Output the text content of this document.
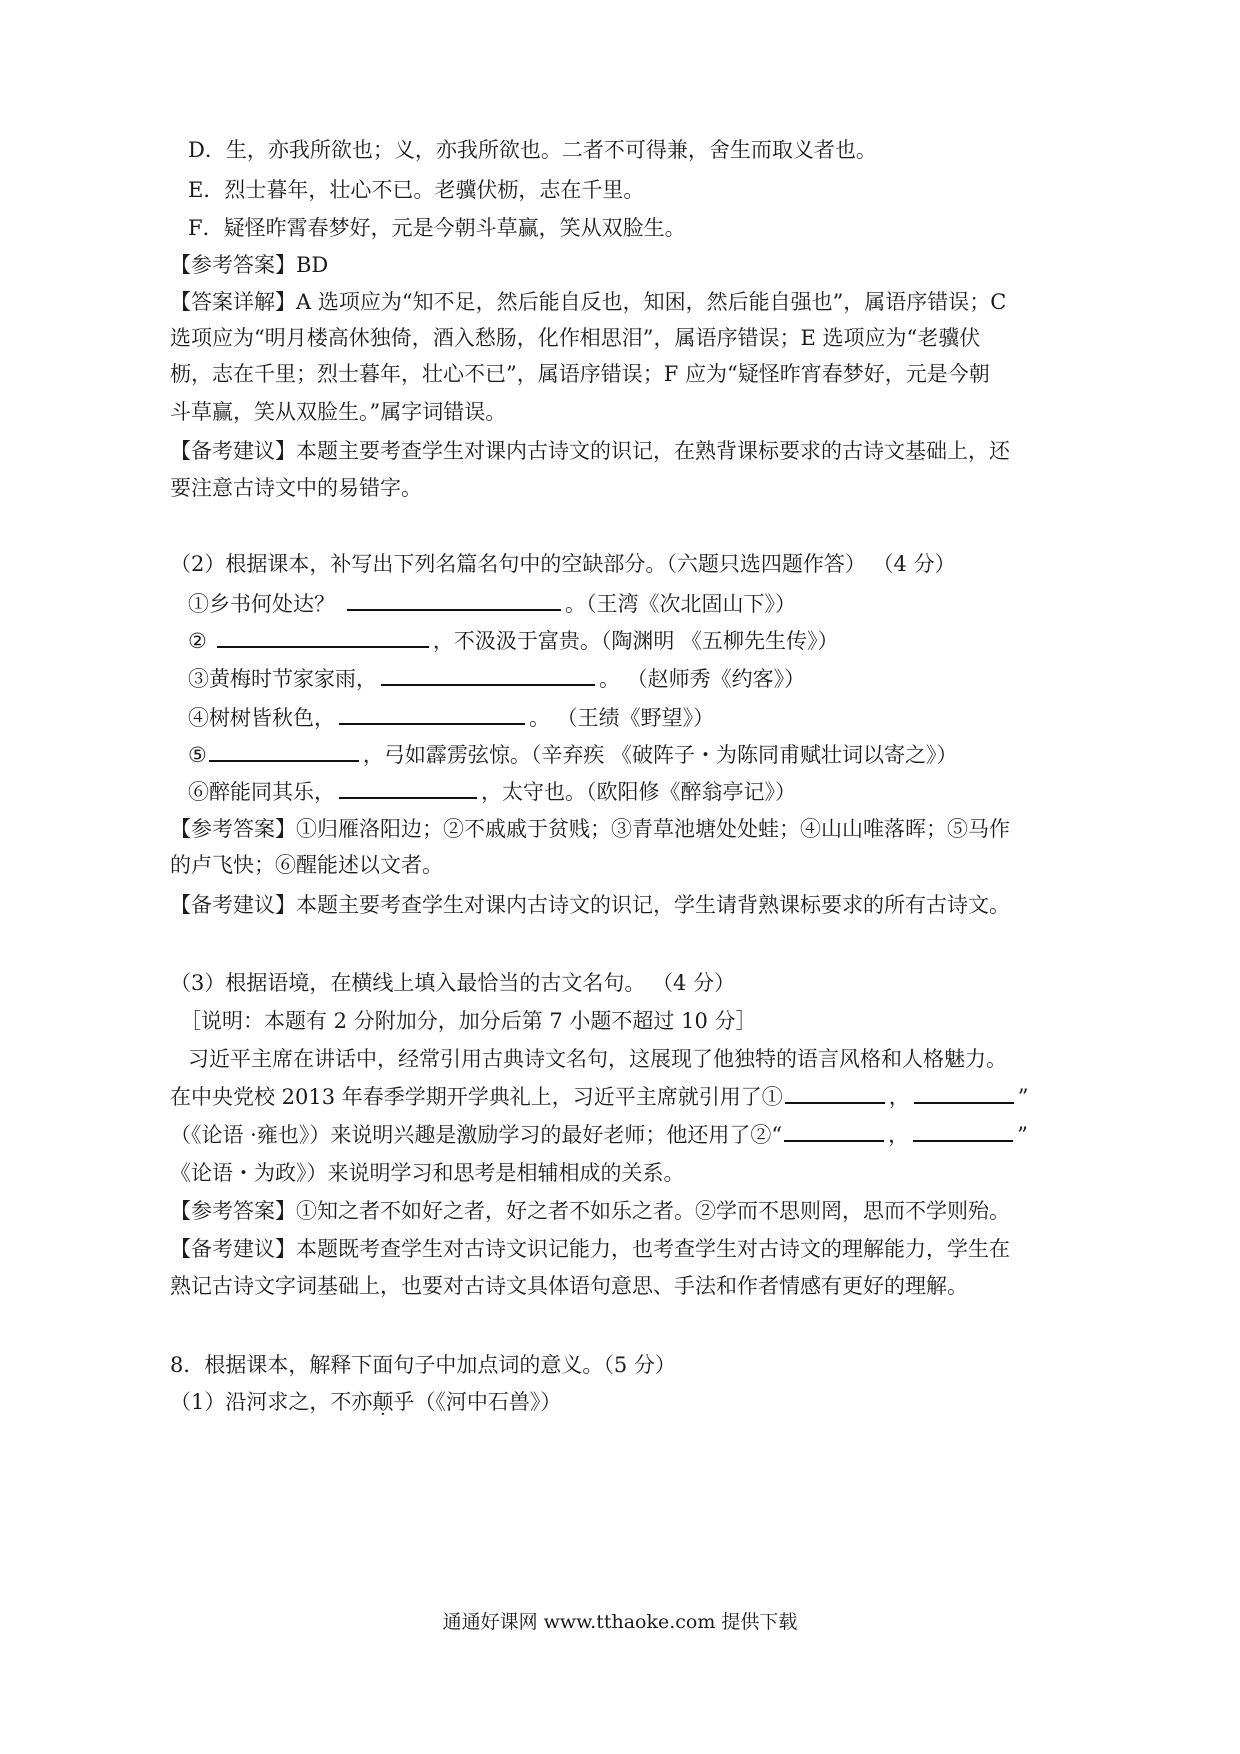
D．生，亦我所欲也；义，亦我所欲也。二者不可得兼，舍生而取义者也。
E．烈士暮年，壮心不已。老骥伏枥，志在千里。
F．疑怪昨霄春梦好，元是今朝斗草赢，笑从双脸生。
【参考答案】BD
【答案详解】A 选项应为“知不足，然后能自反也，知困，然后能自强也”，属语序错误；C
选项应为“明月楼高休独倚，酒入愁肠，化作相思泪”，属语序错误；E 选项应为“老骥伏
枥，志在千里；烈士暮年，壮心不已”，属语序错误；F 应为“疑怪昨宵春梦好，元是今朝
斗草赢，笑从双脸生。”属字词错误。
【备考建议】本题主要考查学生对课内古诗文的识记，在熟背课标要求的古诗文基础上，还
要注意古诗文中的易错字。
（2）根据课本，补写出下列名篇名句中的空缺部分。（六题只选四题作答） （4 分）
①乡书何处达？	。（王湾《次北固山下》）
②	，不汲汲于富贵。（陶渊明 《五柳先生传》）
③黄梅时节家家雨，	。 （赵师秀《约客》）
④树树皆秋色，	。 （王绩《野望》）
⑤	，弓如霹雳弦惊。（辛弃疾 《破阵子・为陈同甫赋壮词以寄之》）
⑥醉能同其乐，	，太守也。（欧阳修《醉翁亭记》）
【参考答案】①归雁洛阳边；②不戚戚于贫贱；③青草池塘处处蛙；④山山唯落晖；⑤马作
的卢飞快；⑥醒能述以文者。
【备考建议】本题主要考查学生对课内古诗文的识记，学生请背熟课标要求的所有古诗文。
（3）根据语境，在横线上填入最恰当的古文名句。 （4 分）
［说明：本题有 2 分附加分，加分后第 7 小题不超过 10 分］
习近平主席在讲话中，经常引用古典诗文名句，这展现了他独特的语言风格和人格魅力。
在中央党校 2013 年春季学期开学典礼上，习近平主席就引用了①	，	”
（《论语 ·雍也》）来说明兴趣是激励学习的最好老师；他还用了②“	，	”
《论语・为政》）来说明学习和思考是相辅相成的关系。
【参考答案】①知之者不如好之者，好之者不如乐之者。②学而不思则罔，思而不学则殆。
【备考建议】本题既考查学生对古诗文识记能力，也考查学生对古诗文的理解能力，学生在
熟记古诗文字词基础上，也要对古诗文具体语句意思、手法和作者情感有更好的理解。
8．根据课本，解释下面句子中加点词的意义。（5 分）
（1）沿河求之，不亦颠乎（《河中石兽》）
通通好课网 www.tthaoke.com 提供下载
